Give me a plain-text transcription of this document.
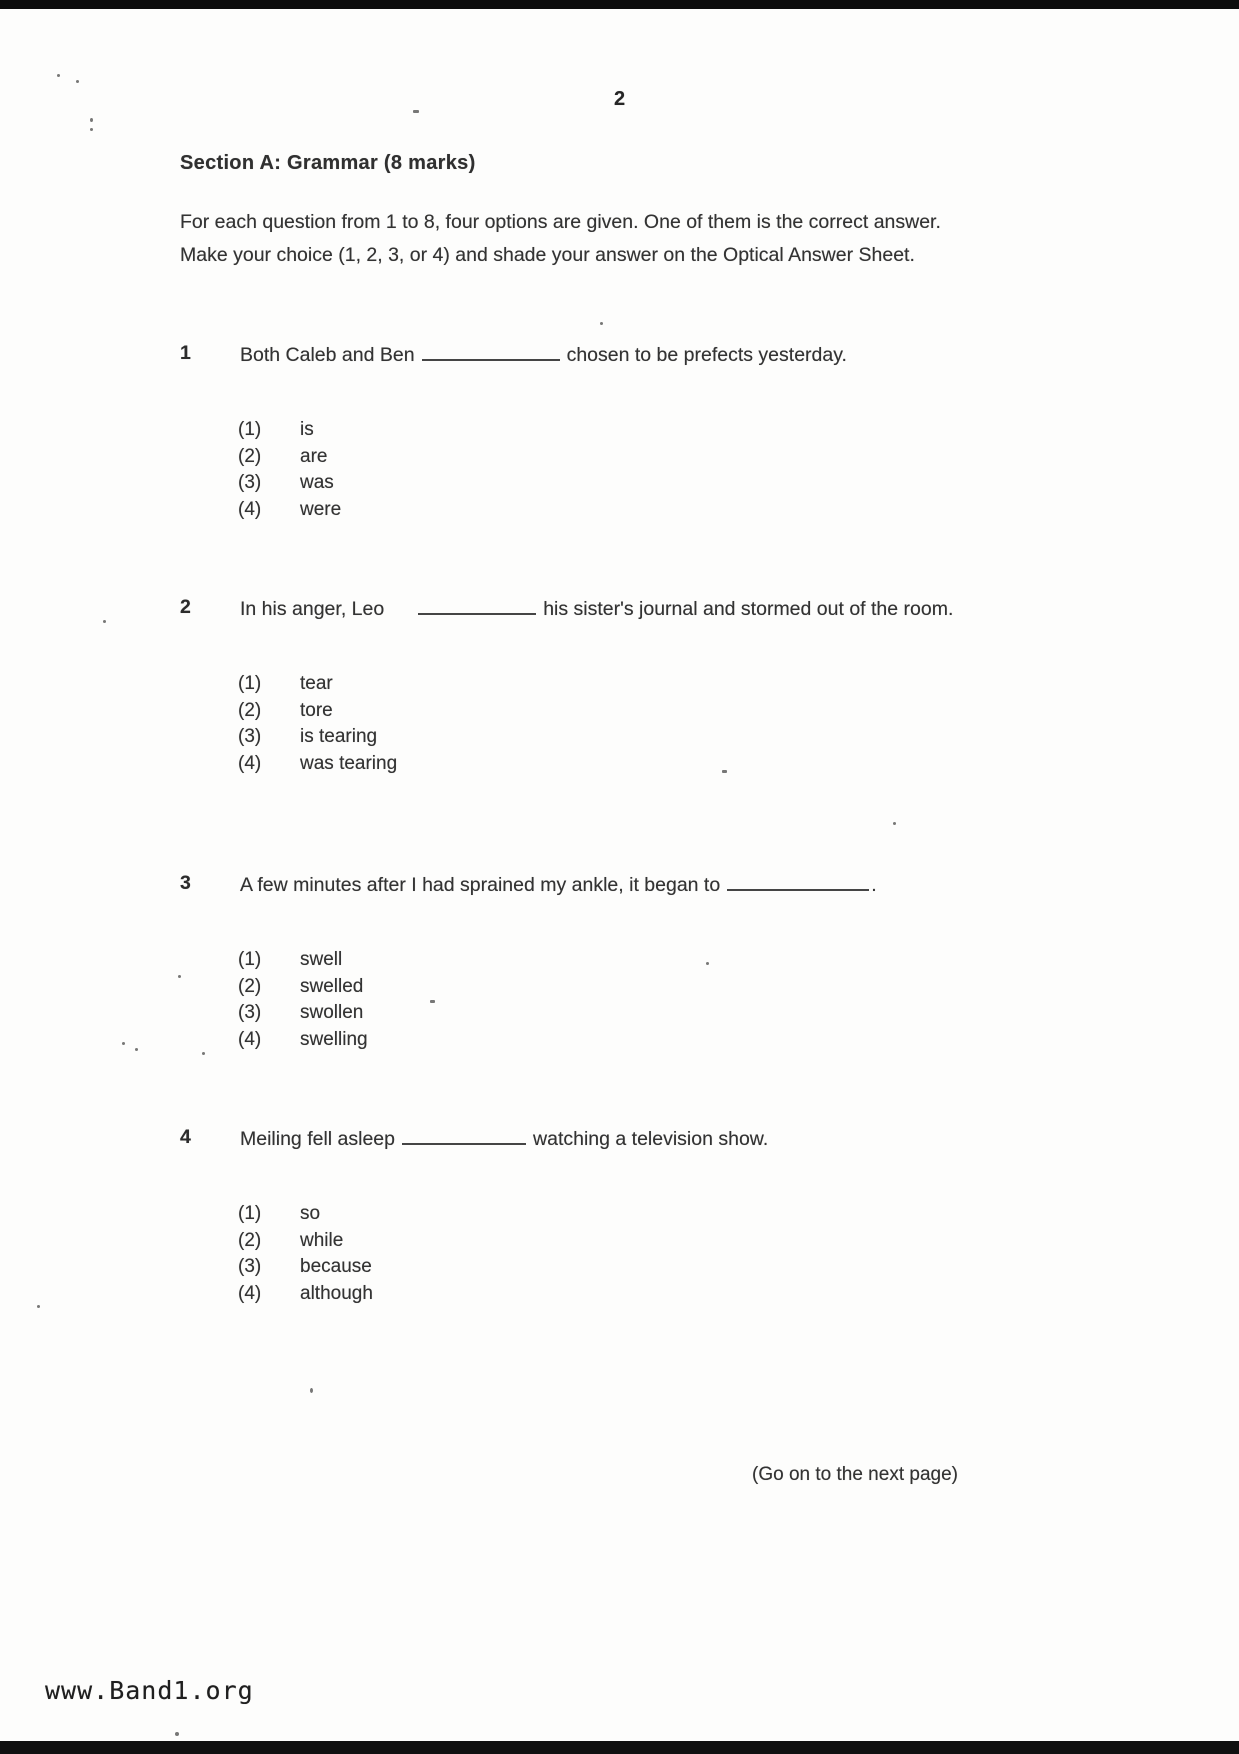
2
Section A: Grammar (8 marks)

For each question from 1 to 8, four options are given. One of them is the correct answer. Make your choice (1, 2, 3, or 4) and shade your answer on the Optical Answer Sheet.

1	Both Caleb and Ben	chosen to be prefects yesterday.

(1)	is
(2)	are
(3)	was
(4)	were
2	In his anger, Leo	his sister's journal and stormed out of the room.

(1)	tear
(2)	tore
(3)	is tearing
(4)	was tearing
3	A few minutes after I had sprained my ankle, it began to	.

(1)	swell
(2)	swelled
(3)	swollen
(4)	swelling
4	Meiling fell asleep	watching a television show.

(1)	so
(2)	while
(3)	because
(4)	although
(Go on to the next page)
www.Band1.org
